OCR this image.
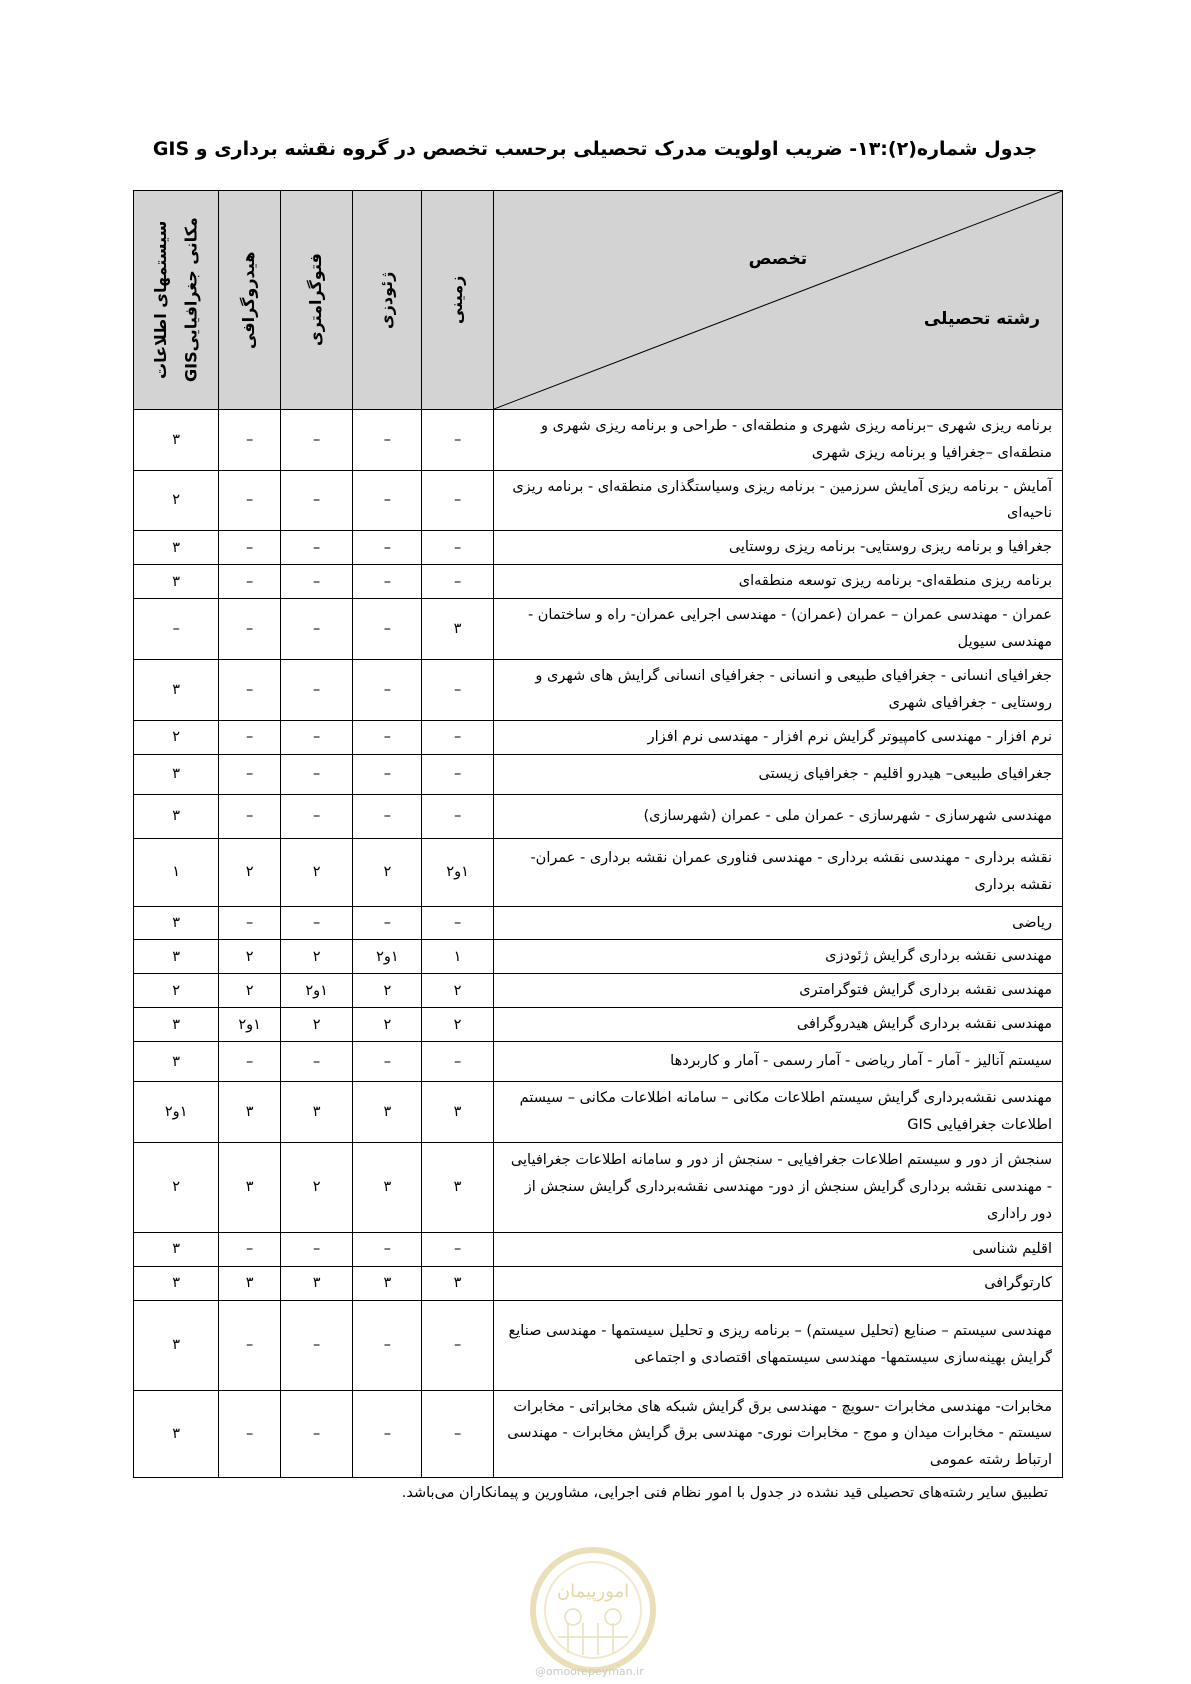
جدول شماره(۲):۱۳- ضریب اولویت مدرک تحصیلی برحسب تخصص در گروه نقشه برداری و GIS
تخصص
رشته تحصیلی	زمینی	ژئودزی	فتوگرامتری	هیدروگرافی	سیستمهای اطلاعات مکانی جغرافیاییGIS

برنامه ریزی شهری –برنامه ریزی شهری و منطقه‌ای - طراحی و برنامه ریزی شهری و منطقه‌ای –جغرافیا و برنامه ریزی شهری	–	–	–	–	۳
آمایش - برنامه ریزی آمایش سرزمین - برنامه ریزی وسیاستگذاری منطقه‌ای - برنامه ریزی ناحیه‌ای	–	–	–	–	۲
جغرافیا و برنامه ریزی روستایی- برنامه ریزی روستایی	–	–	–	–	۳
برنامه ریزی منطقه‌ای- برنامه ریزی توسعه منطقه‌ای	–	–	–	–	۳
عمران - مهندسی عمران – عمران (عمران) - مهندسی اجرایی عمران- راه و ساختمان - مهندسی سیویل	۳	–	–	–	–
جغرافیای انسانی - جغرافیای طبیعی و انسانی - جغرافیای انسانی گرایش های شهری و روستایی - جغرافیای شهری	–	–	–	–	۳
نرم افزار - مهندسی کامپیوتر گرایش نرم افزار - مهندسی نرم افزار	–	–	–	–	۲
جغرافیای طبیعی– هیدرو اقلیم - جغرافیای زیستی	–	–	–	–	۳
مهندسی شهرسازی - شهرسازی - عمران ملی - عمران (شهرسازی)	–	–	–	–	۳
نقشه برداری - مهندسی نقشه برداری - مهندسی فناوری عمران نقشه برداری - عمران-نقشه برداری	۱و۲	۲	۲	۲	۱
ریاضی	–	–	–	–	۳
مهندسی نقشه برداری گرایش ژئودزی	۱	۱و۲	۲	۲	۳
مهندسی نقشه برداری گرایش فتوگرامتری	۲	۲	۱و۲	۲	۲
مهندسی نقشه برداری گرایش هیدروگرافی	۲	۲	۲	۱و۲	۳
سیستم آنالیز - آمار - آمار ریاضی - آمار رسمی - آمار و کاربردها	–	–	–	–	۳
مهندسی نقشه‌برداری گرایش سیستم اطلاعات مکانی – سامانه اطلاعات مکانی – سیستم اطلاعات جغرافیایی GIS	۳	۳	۳	۳	۱و۲
سنجش از دور و سیستم اطلاعات جغرافیایی - سنجش از دور و سامانه اطلاعات جغرافیایی - مهندسی نقشه برداری گرایش سنجش از دور- مهندسی نقشه‌برداری گرایش سنجش از دور راداری	۳	۳	۲	۳	۲
اقلیم شناسی	–	–	–	–	۳
کارتوگرافی	۳	۳	۳	۳	۳
مهندسی سیستم – صنایع (تحلیل سیستم) – برنامه ریزی و تحلیل سیستمها - مهندسی صنایع گرایش بهینه‌سازی سیستمها- مهندسی سیستمهای اقتصادی و اجتماعی	–	–	–	–	۳
مخابرات- مهندسی مخابرات -سویچ - مهندسی برق گرایش شبکه های مخابراتی - مخابرات سیستم - مخابرات میدان و موج - مخابرات نوری- مهندسی برق گرایش مخابرات - مهندسی ارتباط رشته عمومی	–	–	–	–	۳
تطبیق سایر رشته‌های تحصیلی قید نشده در جدول با امور نظام فنی اجرایی، مشاورین و پیمانکاران می‌باشد.
امورپیمان
@omoorepeyman.ir
